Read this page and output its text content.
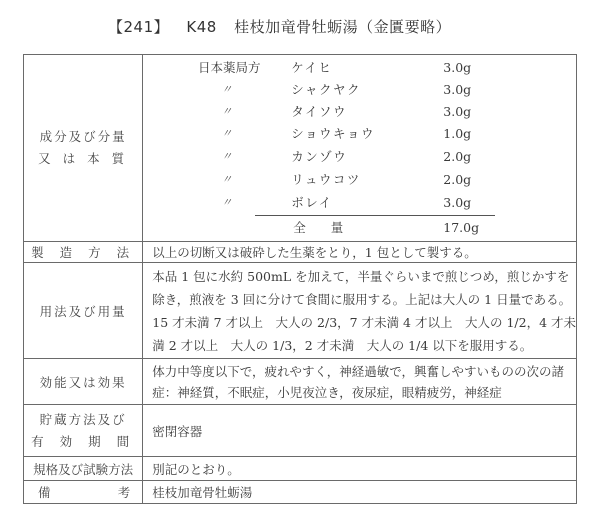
【241】 K48 桂枝加竜骨牡蛎湯（金匱要略）
成分及び分量
又 は 本 質

日本薬局方	ケイヒ	3.0g
〃	シャクヤク	3.0g
〃	タイソウ	3.0g
〃	ショウキョウ	1.0g
〃	カンゾウ	2.0g
〃	リュウコツ	2.0g
〃	ボレイ	3.0g
全　　量	17.0g

製 造 方 法	以上の切断又は破砕した生薬をとり，1 包として製する。
用法及び用量	本品 1 包に水約 500mL を加えて，半量ぐらいまで煎じつめ，煎じかすを
除き，煎液を 3 回に分けて食間に服用する。上記は大人の 1 日量である。
15 才未満 7 才以上　大人の 2/3，7 才未満 4 才以上　大人の 1/2，4 才未
満 2 才以上　大人の 1/3，2 才未満　大人の 1/4 以下を服用する。

効能又は効果	体力中等度以下で，疲れやすく，神経過敏で，興奮しやすいものの次の諸
症：神経質，不眠症，小児夜泣き，夜尿症，眼精疲労，神経症

貯蔵方法及び
有 効 期 間	密閉容器
規格及び試験方法	別記のとおり。

備 考	桂枝加竜骨牡蛎湯
